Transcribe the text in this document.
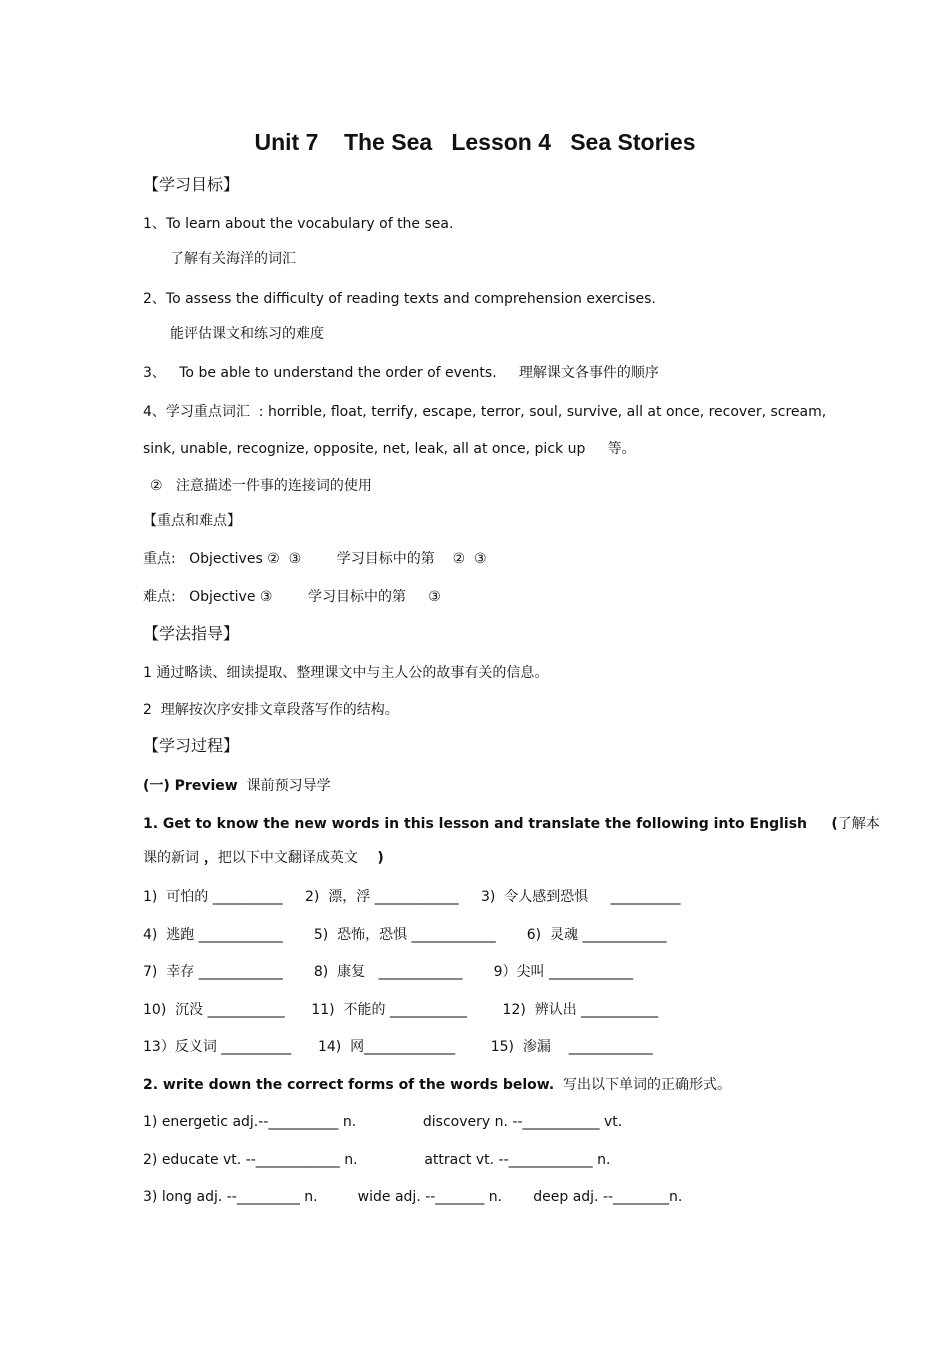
Unit 7    The Sea   Lesson 4   Sea Stories
【学习目标】
1、To learn about the vocabulary of the sea.
了解有关海洋的词汇
2、To assess the difficulty of reading texts and comprehension exercises.
能评估课文和练习的难度
3、   To be able to understand the order of events.     理解课文各事件的顺序
4、学习重点词汇  : horrible, float, terrify, escape, terror, soul, survive, all at once, recover, scream,
sink, unable, recognize, opposite, net, leak, all at once, pick up     等。
②   注意描述一件事的连接词的使用
【重点和难点】
重点:   Objectives ②  ③        学习目标中的第    ②  ③
难点:   Objective ③        学习目标中的第     ③
【学法指导】
1 通过略读、细读提取、整理课文中与主人公的故事有关的信息。
2  理解按次序安排文章段落写作的结构。
【学习过程】
(一) Preview 课前预习导学
1. Get to know the new words in this lesson and translate the following into English     (了解本
课的新词 ，把以下中文翻译成英文    )
1)  可怕的 __________     2)  漂，浮 ____________     3)  令人感到恐惧     __________
4)  逃跑 ____________       5)  恐怖，恐惧 ____________       6)  灵魂 ____________
7)  幸存 ____________       8)  康复   ____________       9）尖叫 ____________
10)  沉没 ___________      11)  不能的 ___________        12)  辨认出 ___________
13）反义词 __________      14)  网_____________        15)  渗漏    ____________
2. write down the correct forms of the words below.  写出以下单词的正确形式。
1) energetic adj.--__________ n.               discovery n. --___________ vt.
2) educate vt. --____________ n.               attract vt. --____________ n.
3) long adj. --_________ n.         wide adj. --_______ n.       deep adj. --________n.
